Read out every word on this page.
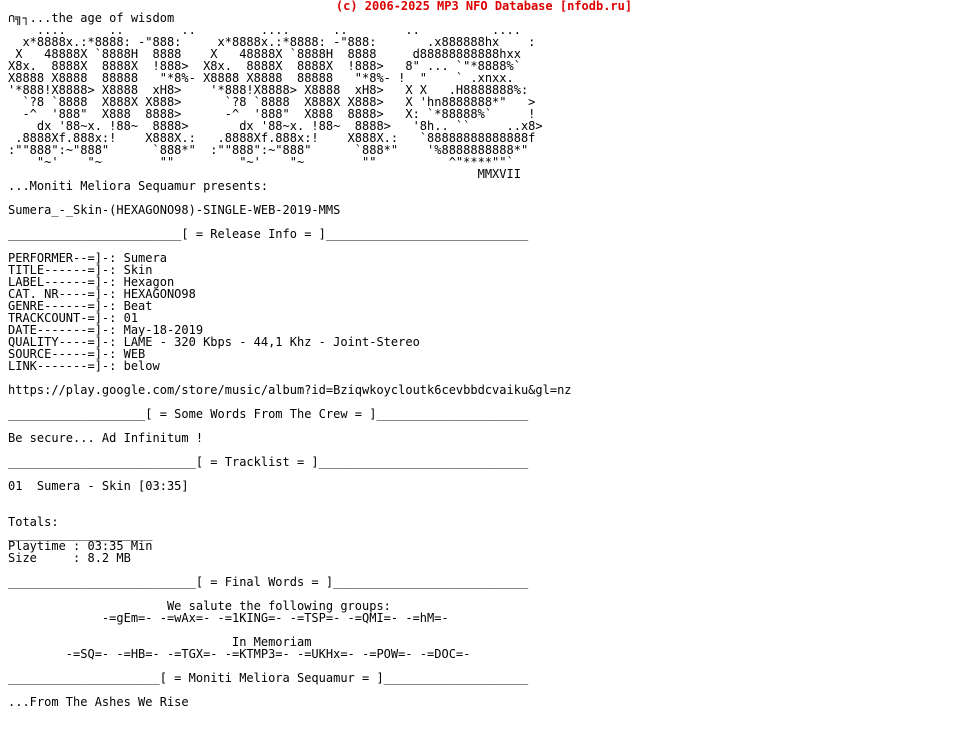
(c) 2006-2025 MP3 NFO Database [nfodb.ru]
∩╗┐...the age of wisdom
....      ..        ..         ....      ..        ..          ....
x*8888x.:*8888: -"888:     x*8888x.:*8888: -"888:       .x888888hx    :
X   48888X `8888H  8888    X   48888X `8888H  8888     d88888888888hxx
X8x.  8888X  8888X  !888>  X8x.  8888X  8888X  !888>   8" ... `"*8888%`
X8888 X8888  88888   "*8%- X8888 X8888  88888   "*8%- !  "    ` .xnxx.
'*888!X8888> X8888  xH8>    '*888!X8888> X8888  xH8>   X X   .H8888888%:
`?8 `8888  X888X X888>      `?8 `8888  X888X X888>   X 'hn8888888*"   >
-^  '888"  X888  8888>      -^  '888"  X888  8888>   X: `*88888%`     !
dx '88~x. !88~  8888>       dx '88~x. !88~  8888>   '8h.. ``     ..x8>
.8888Xf.888x:!    X888X.:   .8888Xf.888x:!    X888X.:   `88888888888888f
:""888":~"888"      `888*"  :""888":~"888"      `888*"    '%8888888888*"
"~'    "~        ""         "~'    "~        ""          ^"****""`
MMXVII
...Moniti Meliora Sequamur presents:

Sumera_-_Skin-(HEXAGONO98)-SINGLE-WEB-2019-MMS

________________________[ = Release Info = ]____________________________

PERFORMER--=]-: Sumera
TITLE------=]-: Skin
LABEL------=]-: Hexagon
CAT. NR----=]-: HEXAGONO98
GENRE------=]-: Beat
TRACKCOUNT-=]-: 01
DATE-------=]-: May-18-2019
QUALITY----=]-: LAME - 320 Kbps - 44,1 Khz - Joint-Stereo
SOURCE-----=]-: WEB
LINK-------=]-: below

https://play.google.com/store/music/album?id=Bziqwkoycloutk6cevbbdcvaiku&gl=nz

___________________[ = Some Words From The Crew = ]_____________________

Be secure... Ad Infinitum !

__________________________[ = Tracklist = ]_____________________________

01  Sumera - Skin [03:35]

Totals:
____________________
Playtime : 03:35 Min
Size     : 8.2 MB

__________________________[ = Final Words = ]___________________________

We salute the following groups:
-=gEm=- -=wAx=- -=1KING=- -=TSP=- -=QMI=- -=hM=-

In Memoriam
-=SQ=- -=HB=- -=TGX=- -=KTMP3=- -=UKHx=- -=POW=- -=DOC=-

_____________________[ = Moniti Meliora Sequamur = ]____________________

...From The Ashes We Rise
